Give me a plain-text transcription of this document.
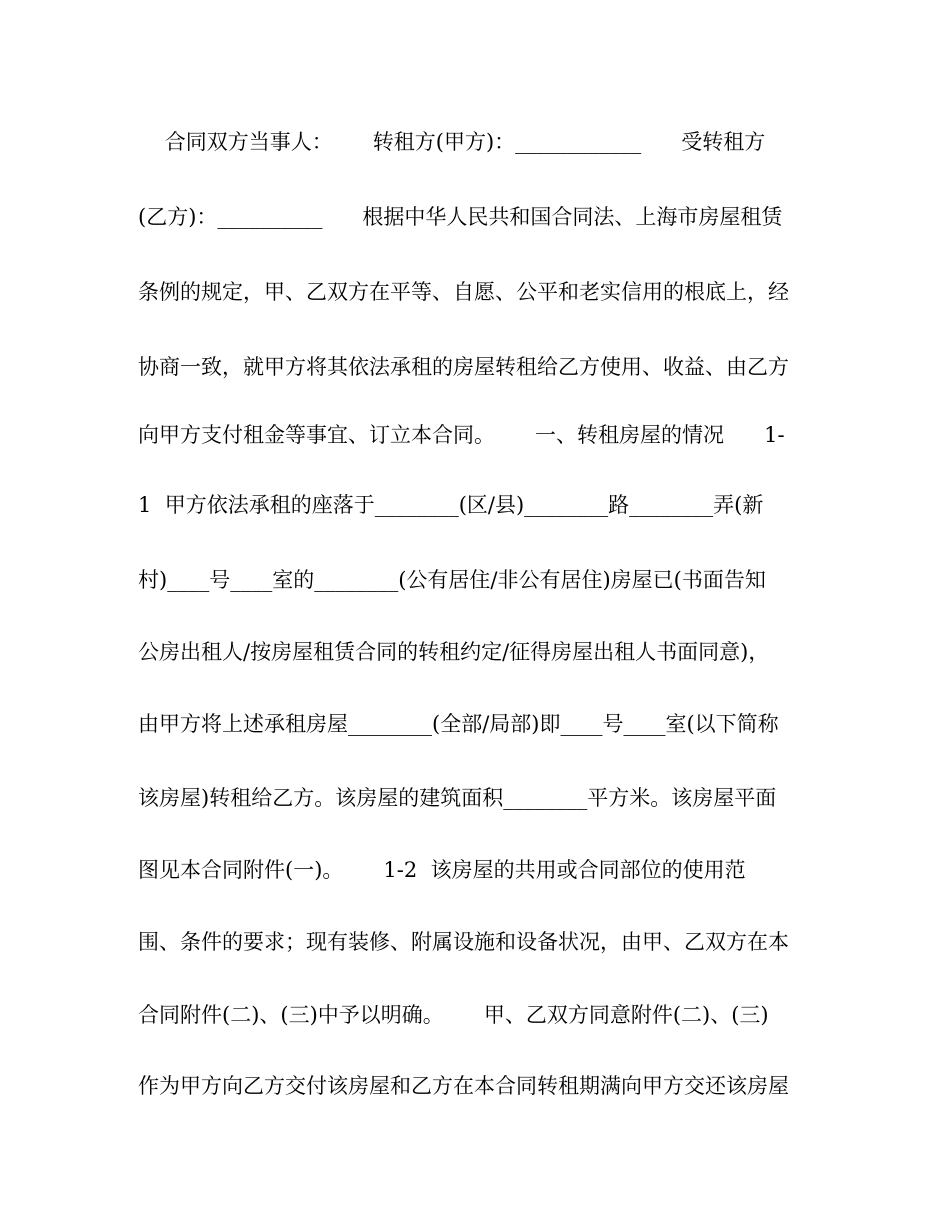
合同双方当事人：      转租方(甲方)：____________      受转租方
(乙方)：__________      根据中华人民共和国合同法、上海市房屋租赁
条例的规定，甲、乙双方在平等、自愿、公平和老实信用的根底上，经
协商一致，就甲方将其依法承租的房屋转租给乙方使用、收益、由乙方
向甲方支付租金等事宜、订立本合同。      一、转租房屋的情况      1-
1  甲方依法承租的座落于________(区/县)________路________弄(新
村)____号____室的________(公有居住/非公有居住)房屋已(书面告知
公房出租人/按房屋租赁合同的转租约定/征得房屋出租人书面同意)，
由甲方将上述承租房屋________(全部/局部)即____号____室(以下简称
该房屋)转租给乙方。该房屋的建筑面积________平方米。该房屋平面
图见本合同附件(一)。      1-2  该房屋的共用或合同部位的使用范
围、条件的要求；现有装修、附属设施和设备状况，由甲、乙双方在本
合同附件(二)、(三)中予以明确。      甲、乙双方同意附件(二)、(三)
作为甲方向乙方交付该房屋和乙方在本合同转租期满向甲方交还该房屋
